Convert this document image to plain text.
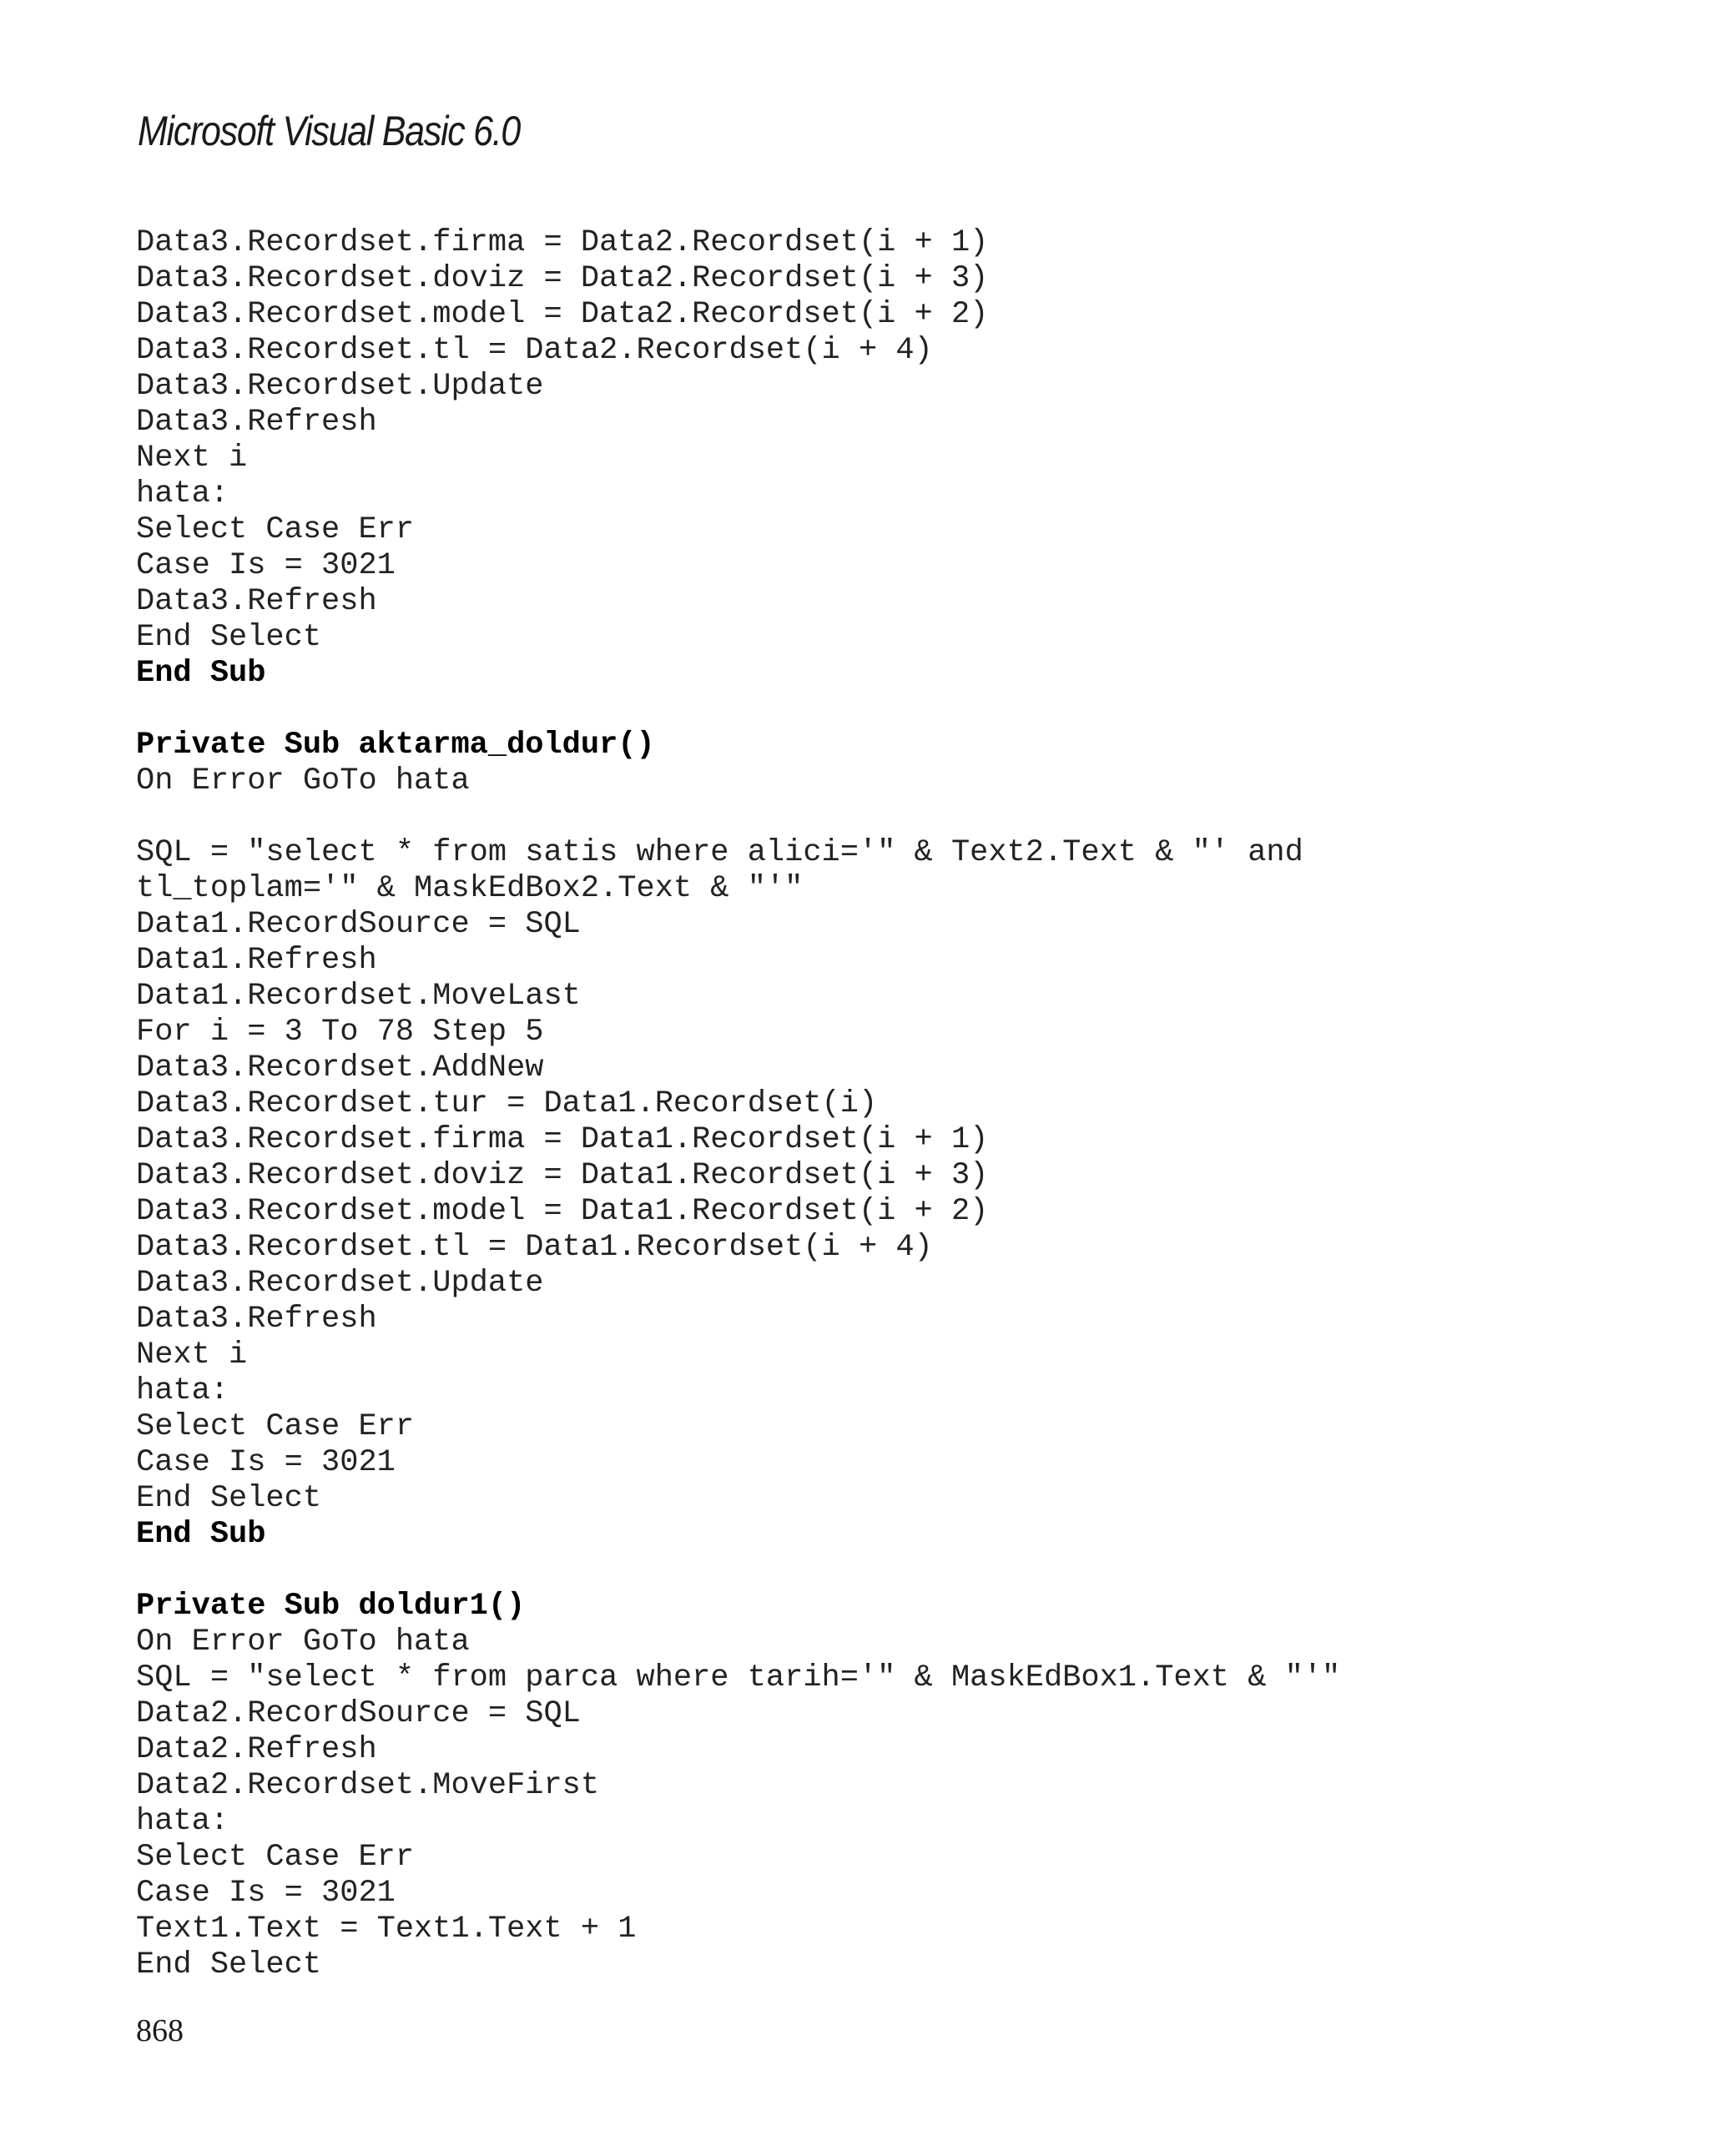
Microsoft Visual Basic 6.0
Data3.Recordset.firma = Data2.Recordset(i + 1)
Data3.Recordset.doviz = Data2.Recordset(i + 3)
Data3.Recordset.model = Data2.Recordset(i + 2)
Data3.Recordset.tl = Data2.Recordset(i + 4)
Data3.Recordset.Update
Data3.Refresh
Next i
hata:
Select Case Err
Case Is = 3021
Data3.Refresh
End Select
End Sub
Private Sub aktarma_doldur()
On Error GoTo hata
SQL = "select * from satis where alici='" & Text2.Text & "' and
tl_toplam='" & MaskEdBox2.Text & "'"
Data1.RecordSource = SQL
Data1.Refresh
Data1.Recordset.MoveLast
For i = 3 To 78 Step 5
Data3.Recordset.AddNew
Data3.Recordset.tur = Data1.Recordset(i)
Data3.Recordset.firma = Data1.Recordset(i + 1)
Data3.Recordset.doviz = Data1.Recordset(i + 3)
Data3.Recordset.model = Data1.Recordset(i + 2)
Data3.Recordset.tl = Data1.Recordset(i + 4)
Data3.Recordset.Update
Data3.Refresh
Next i
hata:
Select Case Err
Case Is = 3021
End Select
End Sub
Private Sub doldur1()
On Error GoTo hata
SQL = "select * from parca where tarih='" & MaskEdBox1.Text & "'"
Data2.RecordSource = SQL
Data2.Refresh
Data2.Recordset.MoveFirst
hata:
Select Case Err
Case Is = 3021
Text1.Text = Text1.Text + 1
End Select
868
